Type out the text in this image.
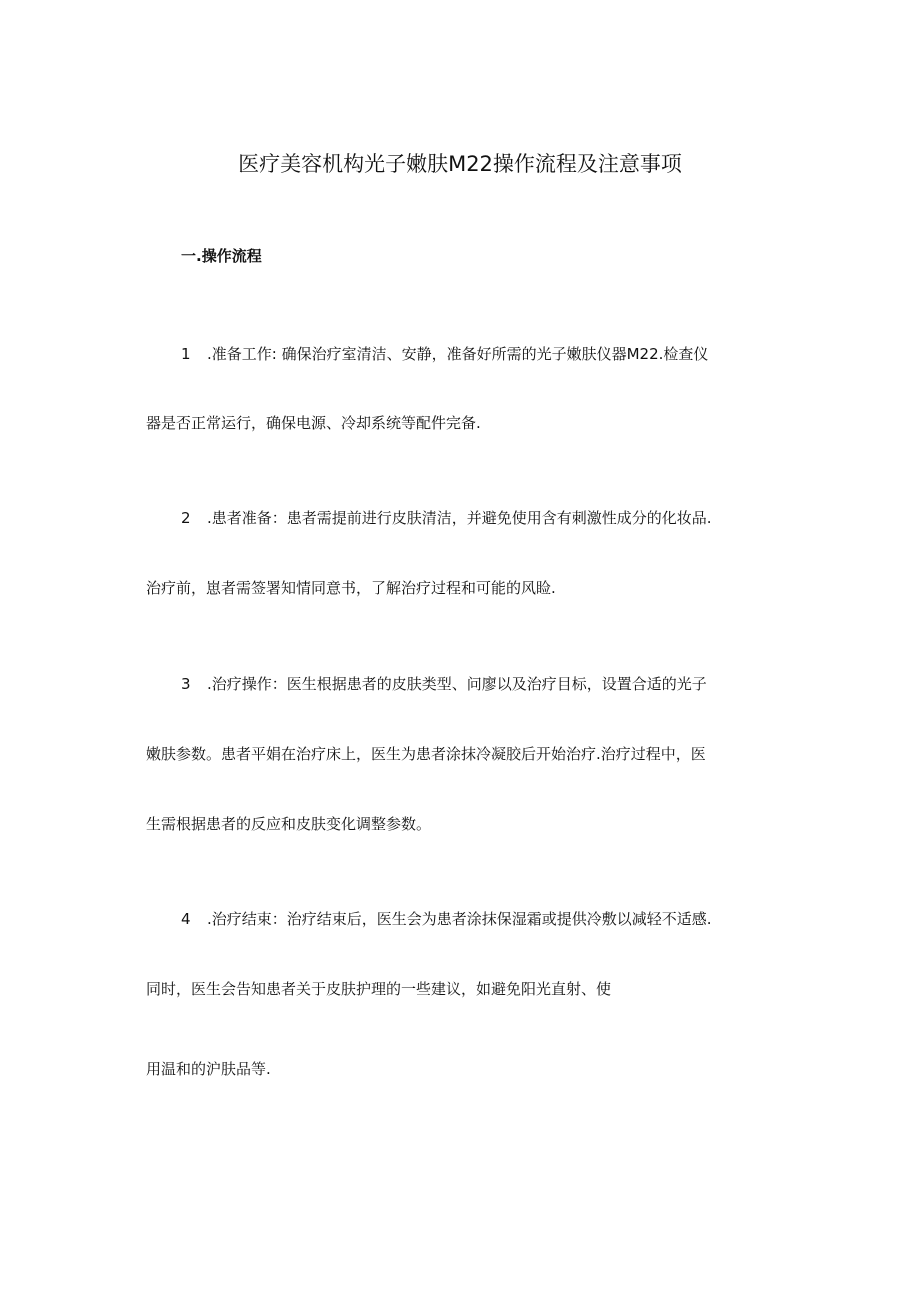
医疗美容机构光子嫩肤M22操作流程及注意事项
一.操作流程

1 .准备工作: 确保治疗室清洁、安静，准备好所需的光子嫩肤仪器M22.检查仪

器是否正常运行，确保电源、冷却系统等配件完备.

2 .患者准备：患者需提前进行皮肤清洁，并避免使用含有刺激性成分的化妆品.

治疗前，崽者需签署知情同意书，了解治疗过程和可能的风睑.

3 .治疗操作：医生根据患者的皮肤类型、问廖以及治疗目标，设置合适的光子

嫩肤参数。患者平娟在治疗床上，医生为患者涂抹冷凝胶后开始治疗.治疗过程中，医

生需根据患者的反应和皮肤变化调整参数。

4 .治疗结束：治疗结束后，医生会为患者涂抹保湿霜或提供冷敷以减轻不适感.

同时，医生会告知患者关于皮肤护理的一些建议，如避免阳光直射、使

用温和的沪肤品等.
